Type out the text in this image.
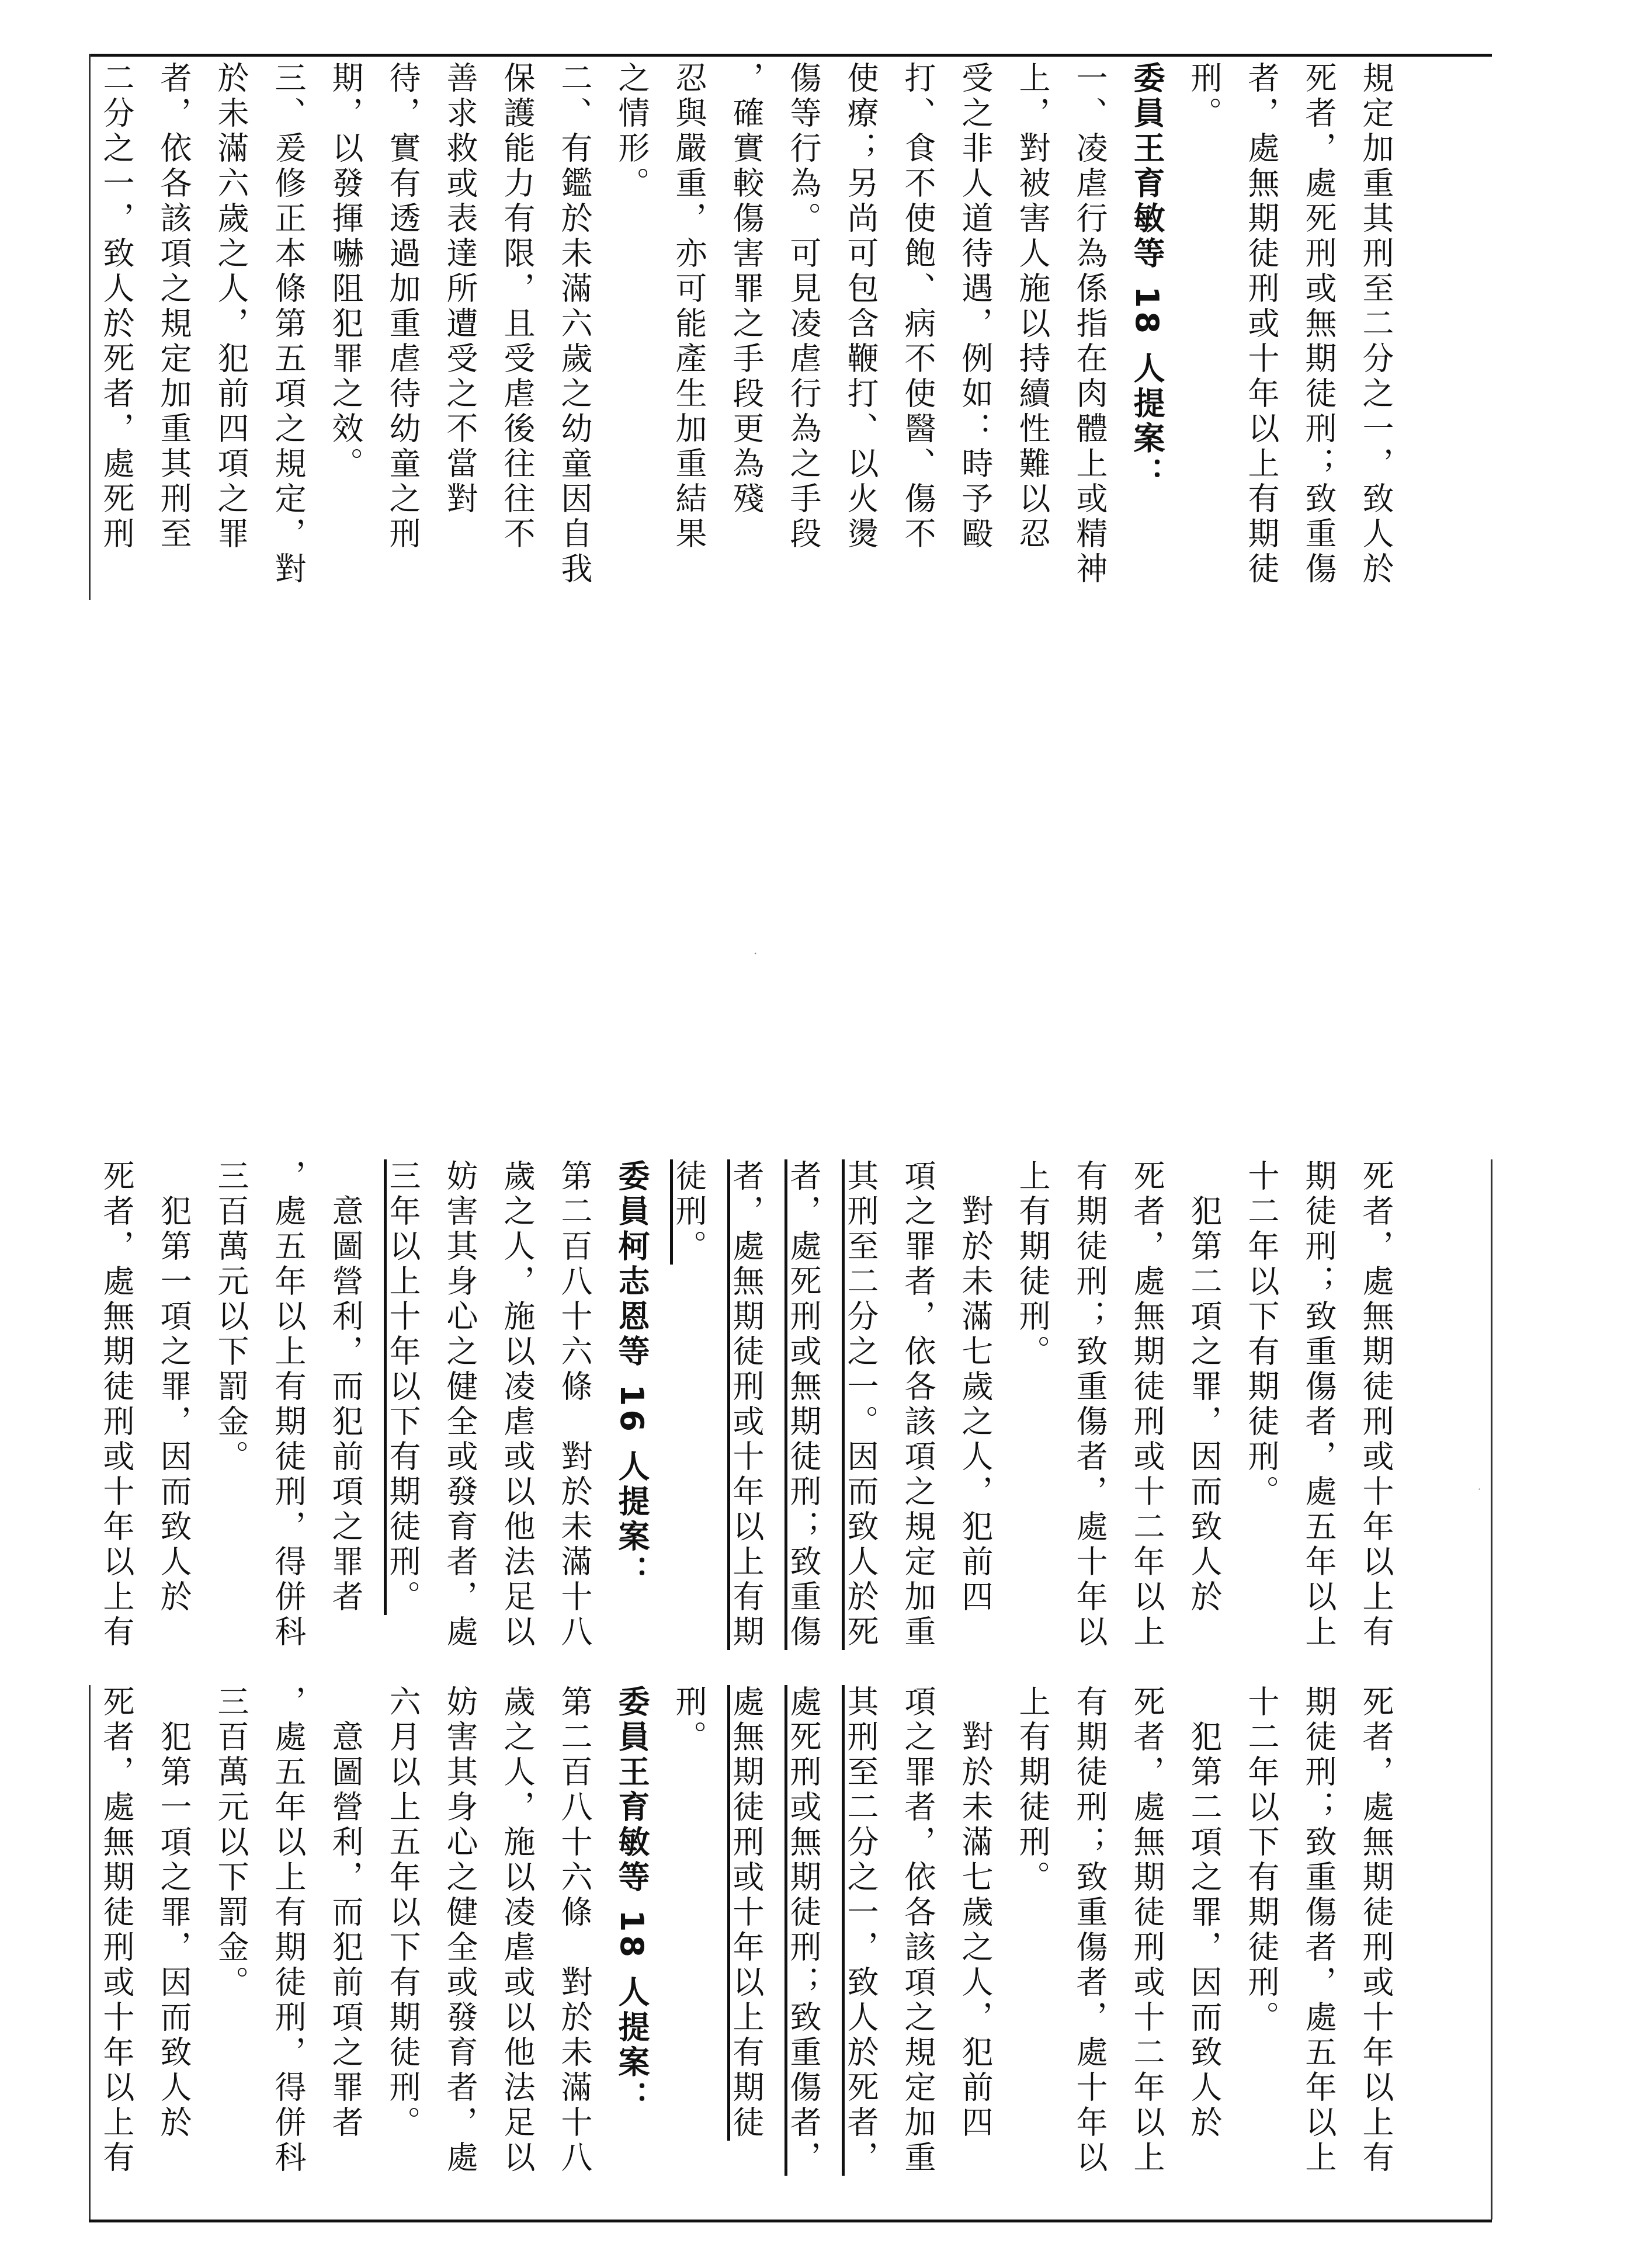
死者，處無期徒刑或十年以上有

期徒刑；致重傷者，處五年以上

十二年以下有期徒刑。

　犯第二項之罪，因而致人於

死者，處無期徒刑或十二年以上

有期徒刑；致重傷者，處十年以

上有期徒刑。

　對於未滿七歲之人，犯前四

項之罪者，依各該項之規定加重

其刑至二分之一，致人於死者，

處死刑或無期徒刑；致重傷者，

處無期徒刑或十年以上有期徒

刑。

委員王育敏等 18 人提案：

第二百八十六條　對於未滿十八

歲之人，施以凌虐或以他法足以

妨害其身心之健全或發育者，處

六月以上五年以下有期徒刑。

　意圖營利，而犯前項之罪者

，處五年以上有期徒刑，得併科

三百萬元以下罰金。

　犯第一項之罪，因而致人於

死者，處無期徒刑或十年以上有

死者，處無期徒刑或十年以上有

期徒刑；致重傷者，處五年以上

十二年以下有期徒刑。

　犯第二項之罪，因而致人於

死者，處無期徒刑或十二年以上

有期徒刑；致重傷者，處十年以

上有期徒刑。

　對於未滿七歲之人，犯前四

項之罪者，依各該項之規定加重

其刑至二分之一。因而致人於死

者，處死刑或無期徒刑；致重傷

者，處無期徒刑或十年以上有期

徒刑。

委員柯志恩等 16 人提案：

第二百八十六條　對於未滿十八

歲之人，施以凌虐或以他法足以

妨害其身心之健全或發育者，處

三年以上十年以下有期徒刑。

　意圖營利，而犯前項之罪者

，處五年以上有期徒刑，得併科

三百萬元以下罰金。

　犯第一項之罪，因而致人於

死者，處無期徒刑或十年以上有

規定加重其刑至二分之一，致人於

死者，處死刑或無期徒刑；致重傷

者，處無期徒刑或十年以上有期徒

刑。

委員王育敏等 18 人提案：

一、凌虐行為係指在肉體上或精神

上，對被害人施以持續性難以忍

受之非人道待遇，例如：時予毆

打、食不使飽、病不使醫、傷不

使療；另尚可包含鞭打、以火燙

傷等行為。可見凌虐行為之手段

，確實較傷害罪之手段更為殘

忍與嚴重，亦可能產生加重結果

之情形。

二、有鑑於未滿六歲之幼童因自我

保護能力有限，且受虐後往往不

善求救或表達所遭受之不當對

待，實有透過加重虐待幼童之刑

期，以發揮嚇阻犯罪之效。

三、爰修正本條第五項之規定，對

於未滿六歲之人，犯前四項之罪

者，依各該項之規定加重其刑至

二分之一，致人於死者，處死刑

·
·
